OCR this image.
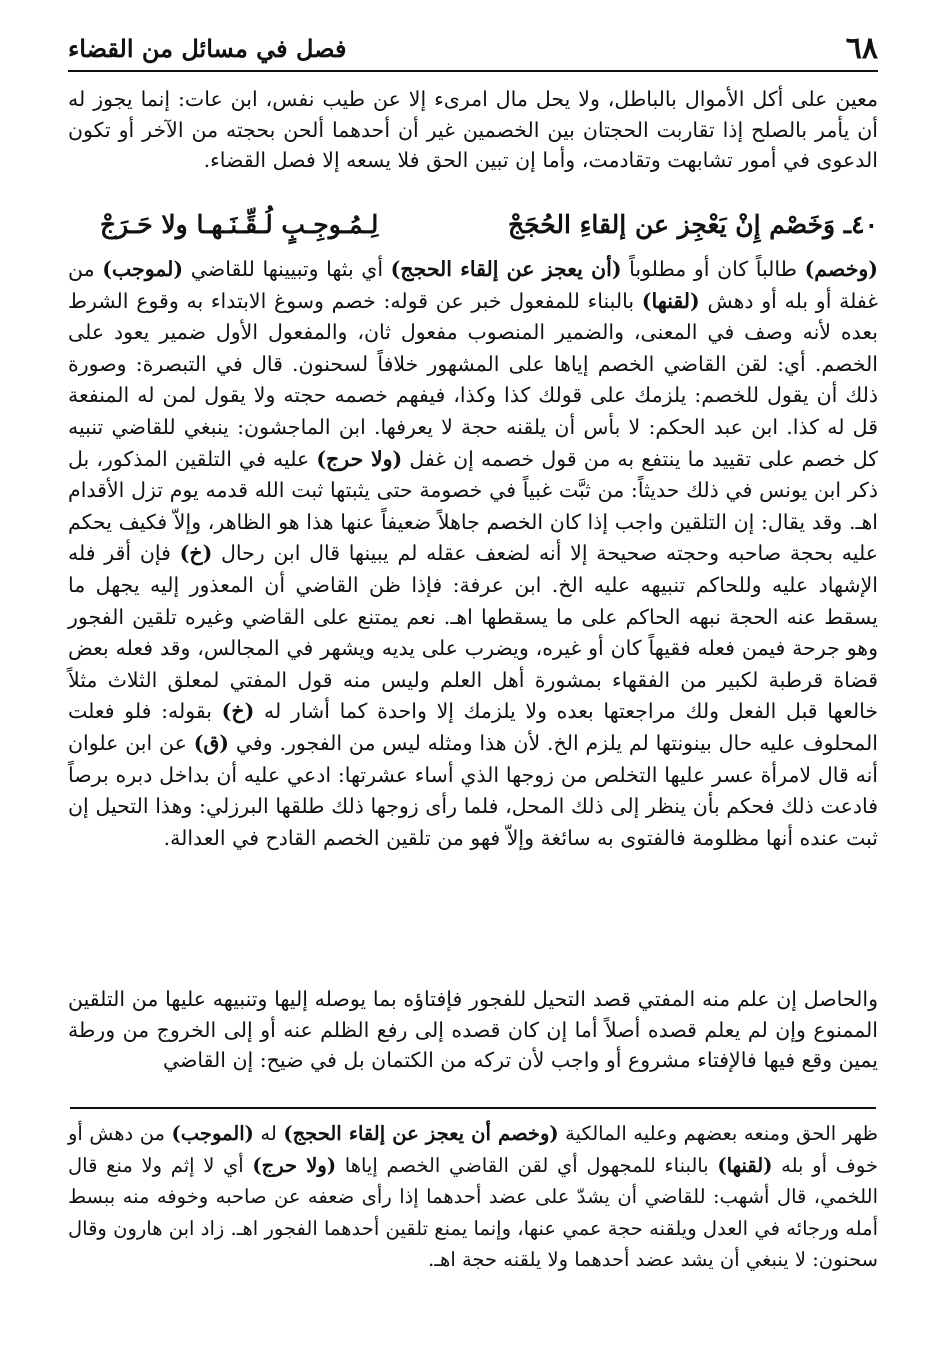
٦٨
فصل في مسائل من القضاء

معين على أكل الأموال بالباطل، ولا يحل مال امرىء إلا عن طيب نفس، ابن عات: إنما يجوز له أن يأمر بالصلح إذا تقاربت الحجتان بين الخصمين غير أن أحدهما ألحن بحجته من الآخر أو تكون الدعوى في أمور تشابهت وتقادمت، وأما إن تبين الحق فلا يسعه إلا فصل القضاء.

٤٠ـ وَخَصْم إِنْ يَعْجِز عن إلقاءِ الحُجَجْ
لِـمُـوجِـبٍ لُـقِّـنَـهـا ولا حَـرَجْ

(وخصم) طالباً كان أو مطلوباً (أن يعجز عن إلقاء الحجج) أي بثها وتبيينها للقاضي (لموجب) من غفلة أو بله أو دهش (لقنها) بالبناء للمفعول خبر عن قوله: خصم وسوغ الابتداء به وقوع الشرط بعده لأنه وصف في المعنى، والضمير المنصوب مفعول ثان، والمفعول الأول ضمير يعود على الخصم. أي: لقن القاضي الخصم إياها على المشهور خلافاً لسحنون. قال في التبصرة: وصورة ذلك أن يقول للخصم: يلزمك على قولك كذا وكذا، فيفهم خصمه حجته ولا يقول لمن له المنفعة قل له كذا. ابن عبد الحكم: لا بأس أن يلقنه حجة لا يعرفها. ابن الماجشون: ينبغي للقاضي تنبيه كل خصم على تقييد ما ينتفع به من قول خصمه إن غفل (ولا حرج) عليه في التلقين المذكور، بل ذكر ابن يونس في ذلك حديثاً: من ثبَّت غبياً في خصومة حتى يثبتها ثبت الله قدمه يوم تزل الأقدام اهـ. وقد يقال: إن التلقين واجب إذا كان الخصم جاهلاً ضعيفاً عنها هذا هو الظاهر، وإلاّ فكيف يحكم عليه بحجة صاحبه وحجته صحيحة إلا أنه لضعف عقله لم يبينها قال ابن رحال (خ) فإن أقر فله الإشهاد عليه وللحاكم تنبيهه عليه الخ. ابن عرفة: فإذا ظن القاضي أن المعذور إليه يجهل ما يسقط عنه الحجة نبهه الحاكم على ما يسقطها اهـ. نعم يمتنع على القاضي وغيره تلقين الفجور وهو جرحة فيمن فعله فقيهاً كان أو غيره، ويضرب على يديه ويشهر في المجالس، وقد فعله بعض قضاة قرطبة لكبير من الفقهاء بمشورة أهل العلم وليس منه قول المفتي لمعلق الثلاث مثلاً خالعها قبل الفعل ولك مراجعتها بعده ولا يلزمك إلا واحدة كما أشار له (خ) بقوله: فلو فعلت المحلوف عليه حال بينونتها لم يلزم الخ. لأن هذا ومثله ليس من الفجور. وفي (ق) عن ابن علوان أنه قال لامرأة عسر عليها التخلص من زوجها الذي أساء عشرتها: ادعي عليه أن بداخل دبره برصاً فادعت ذلك فحكم بأن ينظر إلى ذلك المحل، فلما رأى زوجها ذلك طلقها البرزلي: وهذا التحيل إن ثبت عنده أنها مظلومة فالفتوى به سائغة وإلاّ فهو من تلقين الخصم القادح في العدالة.

والحاصل إن علم منه المفتي قصد التحيل للفجور فإفتاؤه بما يوصله إليها وتنبيهه عليها من التلقين الممنوع وإن لم يعلم قصده أصلاً أما إن كان قصده إلى رفع الظلم عنه أو إلى الخروج من ورطة يمين وقع فيها فالإفتاء مشروع أو واجب لأن تركه من الكتمان بل في ضيح: إن القاضي

ظهر الحق ومنعه بعضهم وعليه المالكية (وخصم أن يعجز عن إلقاء الحجج) له (الموجب) من دهش أو خوف أو بله (لقنها) بالبناء للمجهول أي لقن القاضي الخصم إياها (ولا حرج) أي لا إثم ولا منع قال اللخمي، قال أشهب: للقاضي أن يشدّ على عضد أحدهما إذا رأى ضعفه عن صاحبه وخوفه منه ببسط أمله ورجائه في العدل ويلقنه حجة عمي عنها، وإنما يمنع تلقين أحدهما الفجور اهـ. زاد ابن هارون وقال سحنون: لا ينبغي أن يشد عضد أحدهما ولا يلقنه حجة اهـ.
